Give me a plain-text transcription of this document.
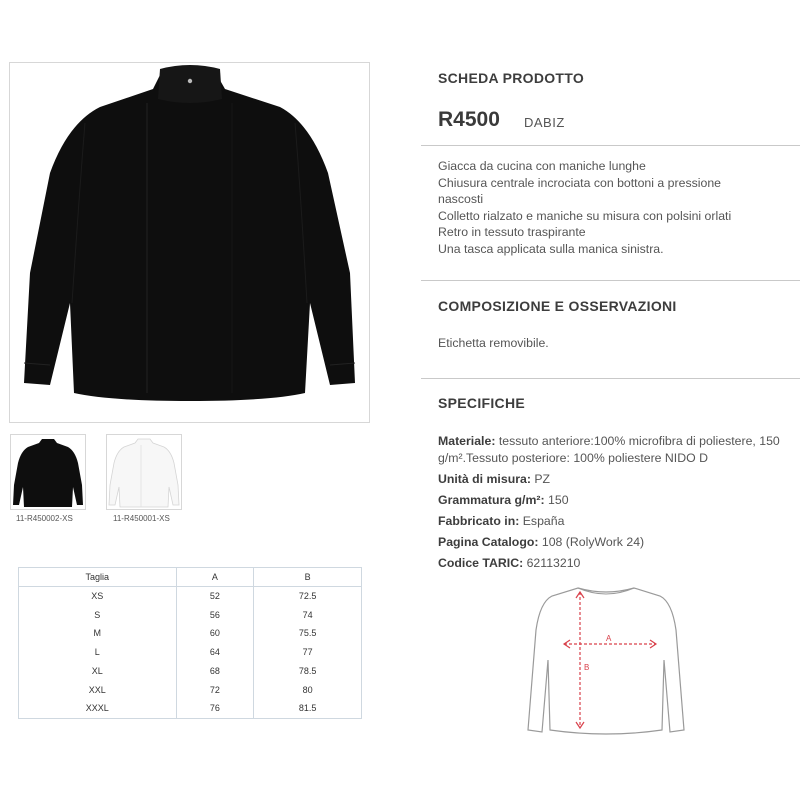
11-R450002-XS	11-R450001-XS
Taglia	A	B
XS	52	72.5
S	56	74
M	60	75.5
L	64	77
XL	68	78.5
XXL	72	80
XXXL	76	81.5
SCHEDA PRODOTTO
R4500 DABIZ
Giacca da cucina con maniche lunghe
Chiusura centrale incrociata con bottoni a pressione nascosti
Colletto rialzato e maniche su misura con polsini orlati
Retro in tessuto traspirante
Una tasca applicata sulla manica sinistra.
COMPOSIZIONE E OSSERVAZIONI
Etichetta removibile.
SPECIFICHE
Materiale: tessuto anteriore:100% microfibra di poliestere, 150 g/m².Tessuto posteriore: 100% poliestere NIDO D
Unità di misura: PZ
Grammatura g/m²: 150
Fabbricato in: España
Pagina Catalogo: 108 (RolyWork 24)
Codice TARIC: 62113210
A
B
